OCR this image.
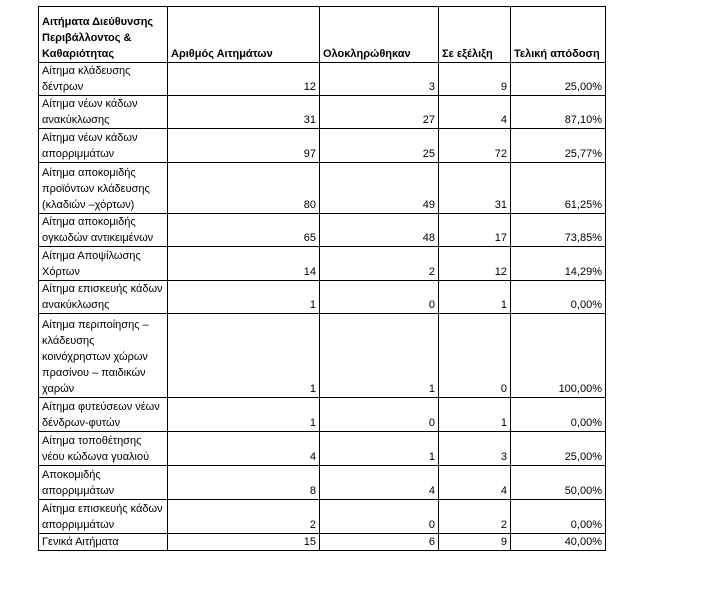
Αιτήματα Διεύθυνσης Περιβάλλοντος & Καθαριότητας	Αριθμός Αιτημάτων	Ολοκληρώθηκαν	Σε εξέλιξη	Τελική απόδοση
Αίτημα κλάδευσης δέντρων	12	3	9	25,00%
Αίτημα νέων κάδων ανακύκλωσης	31	27	4	87,10%
Αίτημα νέων κάδων απορριμμάτων	97	25	72	25,77%
Αίτημα αποκομιδής προϊόντων κλάδευσης (κλαδιών –χόρτων)	80	49	31	61,25%
Αίτημα αποκομιδής ογκωδών αντικειμένων	65	48	17	73,85%
Αίτημα Αποψίλωσης Χόρτων	14	2	12	14,29%
Αίτημα επισκευής κάδων ανακύκλωσης	1	0	1	0,00%
Αίτημα περιποίησης – κλάδευσης κοινόχρηστων χώρων πρασίνου – παιδικών χαρών	1	1	0	100,00%
Αίτημα φυτεύσεων νέων δένδρων-φυτών	1	0	1	0,00%
Αίτημα τοποθέτησης νέου κώδωνα γυαλιού	4	1	3	25,00%
Αποκομιδής απορριμμάτων	8	4	4	50,00%
Αίτημα επισκευής κάδων απορριμμάτων	2	0	2	0,00%
Γενικά Αιτήματα	15	6	9	40,00%
